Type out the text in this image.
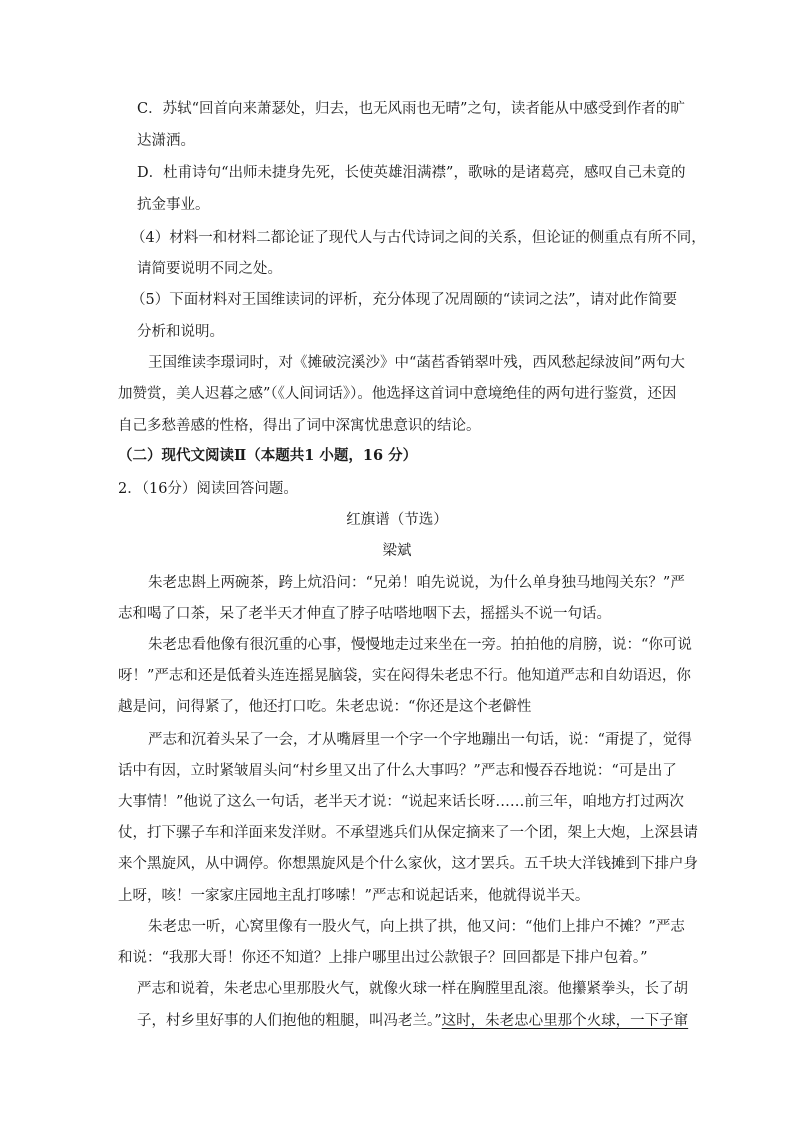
C．苏轼“回首向来萧瑟处，归去，也无风雨也无晴”之句，读者能从中感受到作者的旷
达潇洒。
D．杜甫诗句“出师未捷身先死，长使英雄泪满襟”，歌咏的是诸葛亮，感叹自己未竟的
抗金事业。
（4）材料一和材料二都论证了现代人与古代诗词之间的关系，但论证的侧重点有所不同，
请简要说明不同之处。
（5）下面材料对王国维读词的评析，充分体现了况周颐的“读词之法”，请对此作简要
分析和说明。
王国维读李璟词时，对《摊破浣溪沙》中“菡萏香销翠叶残，西风愁起绿波间”两句大
加赞赏，美人迟暮之感”（《人间词话》）。他选择这首词中意境绝佳的两句进行鉴赏，还因
自己多愁善感的性格，得出了词中深寓忧患意识的结论。
（二）现代文阅读Ⅱ（本题共1 小题，16 分）
2．（16分）阅读回答问题。
红旗谱（节选）
梁斌
朱老忠斟上两碗茶，跨上炕沿问：“兄弟！咱先说说，为什么单身独马地闯关东？”严
志和喝了口茶，呆了老半天才伸直了脖子咕嗒地咽下去，摇摇头不说一句话。
朱老忠看他像有很沉重的心事，慢慢地走过来坐在一旁。拍拍他的肩膀，说：“你可说
呀！”严志和还是低着头连连摇晃脑袋，实在闷得朱老忠不行。他知道严志和自幼语迟，你
越是问，问得紧了，他还打口吃。朱老忠说：“你还是这个老僻性
严志和沉着头呆了一会，才从嘴唇里一个字一个字地蹦出一句话，说：“甭提了，觉得
话中有因，立时紧皱眉头问“村乡里又出了什么大事吗？”严志和慢吞吞地说：“可是出了
大事情！”他说了这么一句话，老半天才说：“说起来话长呀……前三年，咱地方打过两次
仗，打下骡子车和洋面来发洋财。不承望逃兵们从保定摘来了一个团，架上大炮，上深县请
来个黑旋风，从中调停。你想黑旋风是个什么家伙，这才罢兵。五千块大洋钱摊到下排户身
上呀，咳！一家家庄园地主乱打哆嗦！”严志和说起话来，他就得说半天。
朱老忠一听，心窝里像有一股火气，向上拱了拱，他又问：“他们上排户不摊？”严志
和说：“我那大哥！你还不知道？上排户哪里出过公款银子？回回都是下排户包着。”
严志和说着，朱老忠心里那股火气，就像火球一样在胸膛里乱滚。他攥紧拳头，长了胡
子，村乡里好事的人们抱他的粗腿，叫冯老兰。”这时，朱老忠心里那个火球，一下子窜
